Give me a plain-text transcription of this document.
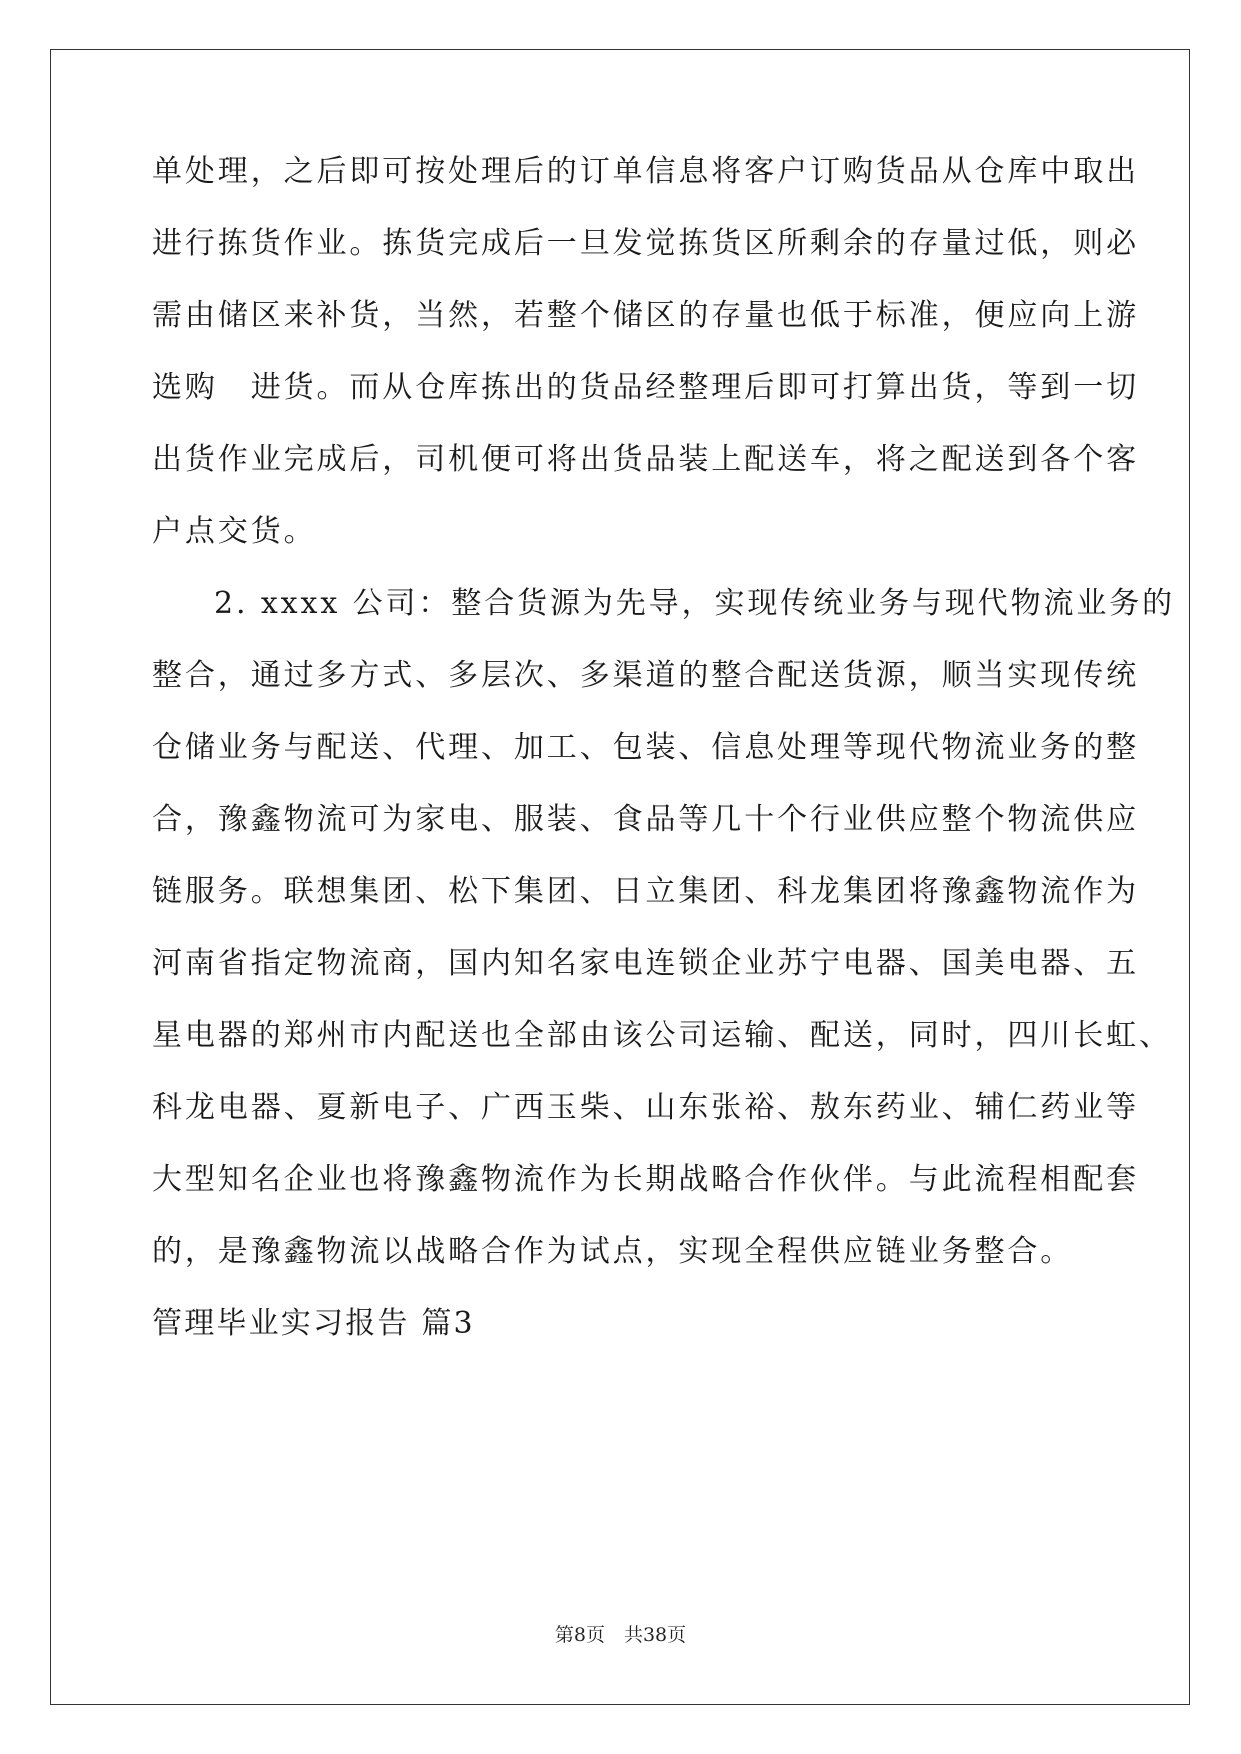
单处理，之后即可按处理后的订单信息将客户订购货品从仓库中取出

进行拣货作业。拣货完成后一旦发觉拣货区所剩余的存量过低，则必

需由储区来补货，当然，若整个储区的存量也低于标准，便应向上游

选购　进货。而从仓库拣出的货品经整理后即可打算出货，等到一切

出货作业完成后，司机便可将出货品装上配送车，将之配送到各个客

户点交货。

2. xxxx 公司：整合货源为先导，实现传统业务与现代物流业务的

整合，通过多方式、多层次、多渠道的整合配送货源，顺当实现传统

仓储业务与配送、代理、加工、包装、信息处理等现代物流业务的整

合，豫鑫物流可为家电、服装、食品等几十个行业供应整个物流供应

链服务。联想集团、松下集团、日立集团、科龙集团将豫鑫物流作为

河南省指定物流商，国内知名家电连锁企业苏宁电器、国美电器、五

星电器的郑州市内配送也全部由该公司运输、配送，同时，四川长虹、

科龙电器、夏新电子、广西玉柴、山东张裕、敖东药业、辅仁药业等

大型知名企业也将豫鑫物流作为长期战略合作伙伴。与此流程相配套

的，是豫鑫物流以战略合作为试点，实现全程供应链业务整合。

管理毕业实习报告 篇3

第8页　共38页
